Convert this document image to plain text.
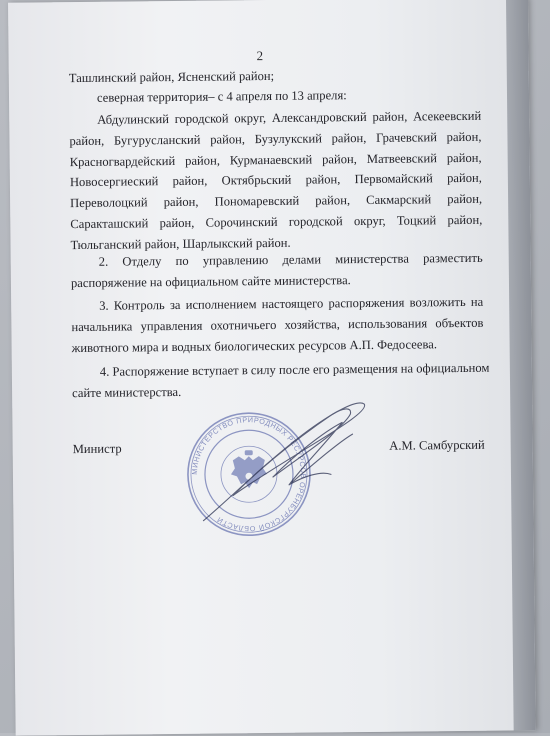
2
Ташлинский район, Ясненский район;
северная территория– с 4 апреля по 13 апреля:
Абдулинский городской округ, Александровский район, Асекеевский
район, Бугурусланский район, Бузулукский район, Грачевский район,
Красногвардейский район, Курманаевский район, Матвеевский район,
Новосергиеский район, Октябрьский район, Первомайский район,
Переволоцкий район, Пономаревский район, Сакмарский район,
Саракташский район, Сорочинский городской округ, Тоцкий район,
Тюльганский район, Шарлыкский район.
2. Отделу по управлению делами министерства разместить
распоряжение на официальном сайте министерства.
3. Контроль за исполнением настоящего распоряжения возложить на
начальника управления охотничьего хозяйства, использования объектов
животного мира и водных биологических ресурсов А.П. Федосеева.
4. Распоряжение вступает в силу после его размещения на официальном
сайте министерства.
МИНИСТЕРСТВО ПРИРОДНЫХ РЕСУРСОВ ОРЕНБУРГСКОЙ ОБЛАСТИ
Министр	А.М. Самбурский
